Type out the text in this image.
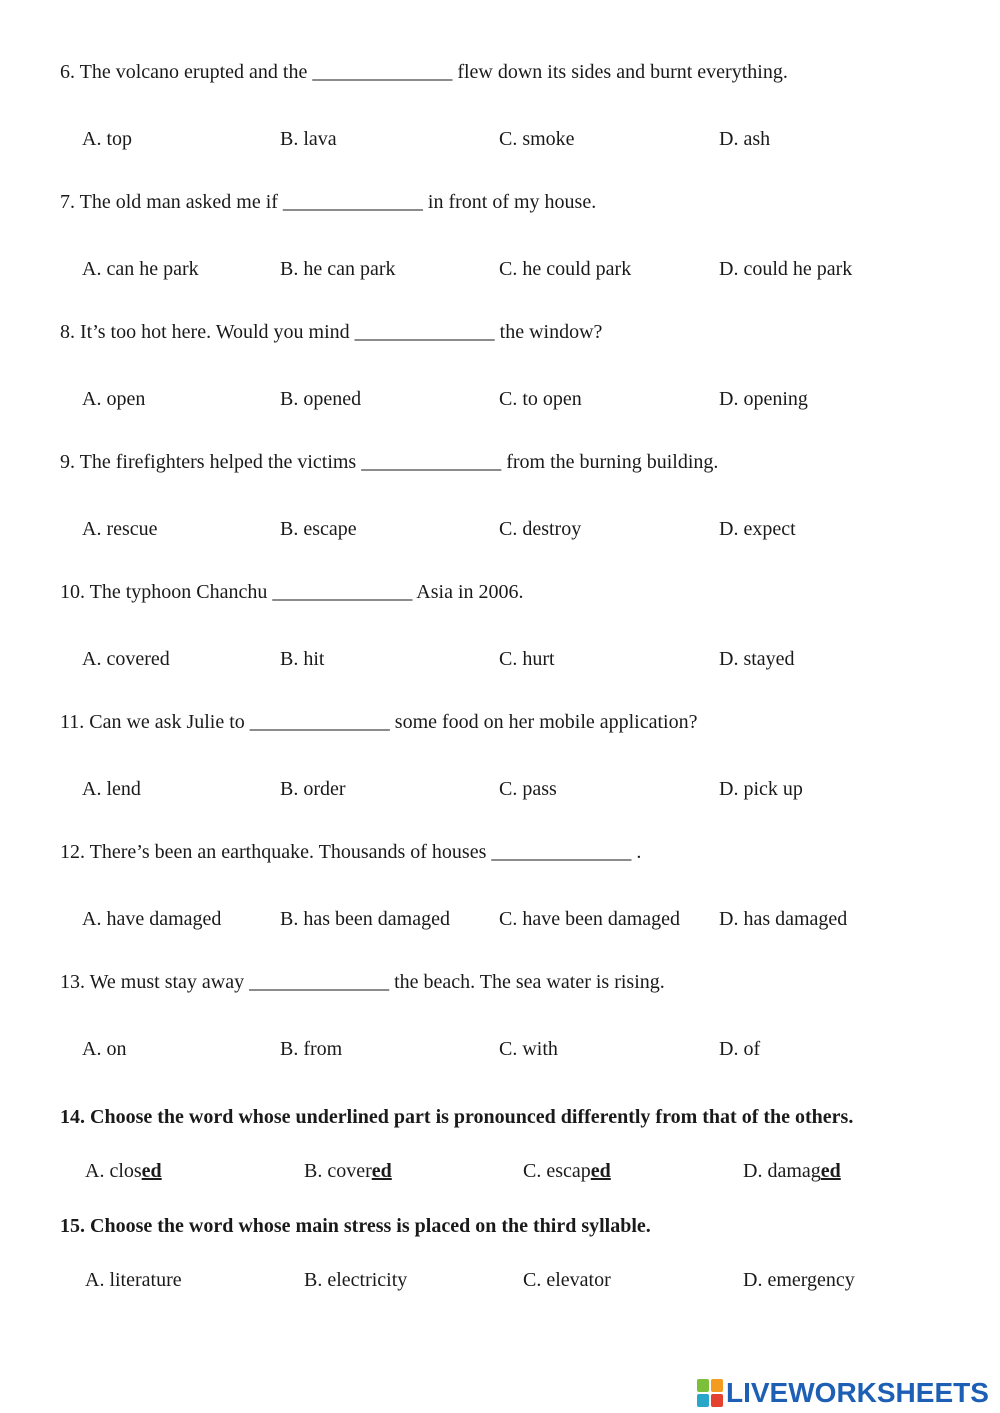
6. The volcano erupted and the ______________ flew down its sides and burnt everything.
A. top	B. lava	C. smoke	D. ash
7. The old man asked me if ______________ in front of my house.
A. can he park	B. he can park	C. he could park	D. could he park
8. It’s too hot here. Would you mind ______________ the window?
A. open	B. opened	C. to open	D. opening
9. The firefighters helped the victims ______________ from the burning building.
A. rescue	B. escape	C. destroy	D. expect
10. The typhoon Chanchu ______________ Asia in 2006.
A. covered	B. hit	C. hurt	D. stayed
11. Can we ask Julie to ______________ some food on her mobile application?
A. lend	B. order	C. pass	D. pick up
12. There’s been an earthquake. Thousands of houses ______________ .
A. have damaged	B. has been damaged C. have been damaged D. has damaged
13. We must stay away ______________ the beach. The sea water is rising.
A. on	B. from	C. with	D. of
14. Choose the word whose underlined part is pronounced differently from that of the others.
A. closed	B. covered	C. escaped	D. damaged
15. Choose the word whose main stress is placed on the third syllable.
A. literature	B. electricity	C. elevator	D. emergency
LIVEWORKSHEETS
